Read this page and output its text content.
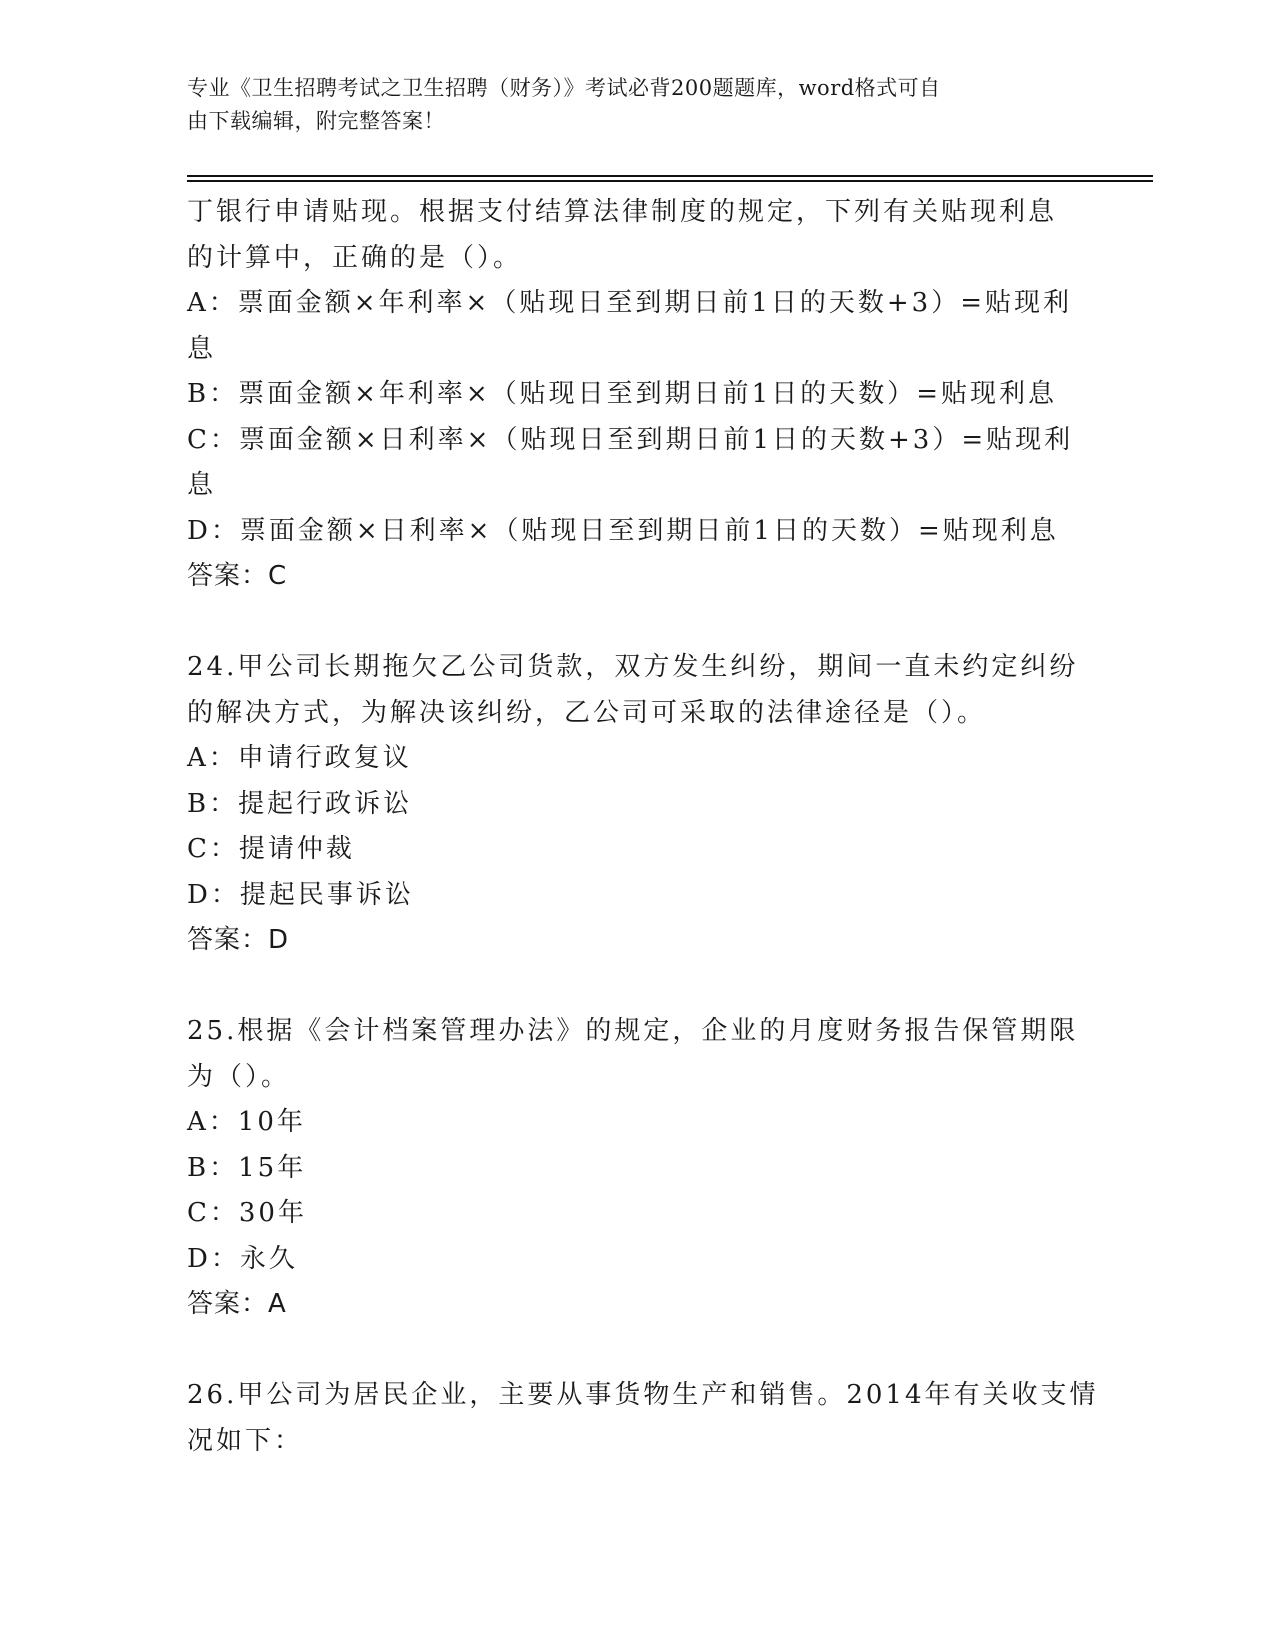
专业《卫生招聘考试之卫生招聘（财务）》考试必背200题题库，word格式可自
由下载编辑，附完整答案！
丁银行申请贴现。根据支付结算法律制度的规定，下列有关贴现利息
的计算中，正确的是（）。
A：票面金额×年利率×（贴现日至到期日前1日的天数+3）=贴现利
息
B：票面金额×年利率×（贴现日至到期日前1日的天数）=贴现利息
C：票面金额×日利率×（贴现日至到期日前1日的天数+3）=贴现利
息
D：票面金额×日利率×（贴现日至到期日前1日的天数）=贴现利息
答案：C
24.甲公司长期拖欠乙公司货款，双方发生纠纷，期间一直未约定纠纷
的解决方式，为解决该纠纷，乙公司可采取的法律途径是（）。
A：申请行政复议
B：提起行政诉讼
C：提请仲裁
D：提起民事诉讼
答案：D
25.根据《会计档案管理办法》的规定，企业的月度财务报告保管期限
为（）。
A：10年
B：15年
C：30年
D：永久
答案：A
26.甲公司为居民企业，主要从事货物生产和销售。2014年有关收支情
况如下：
